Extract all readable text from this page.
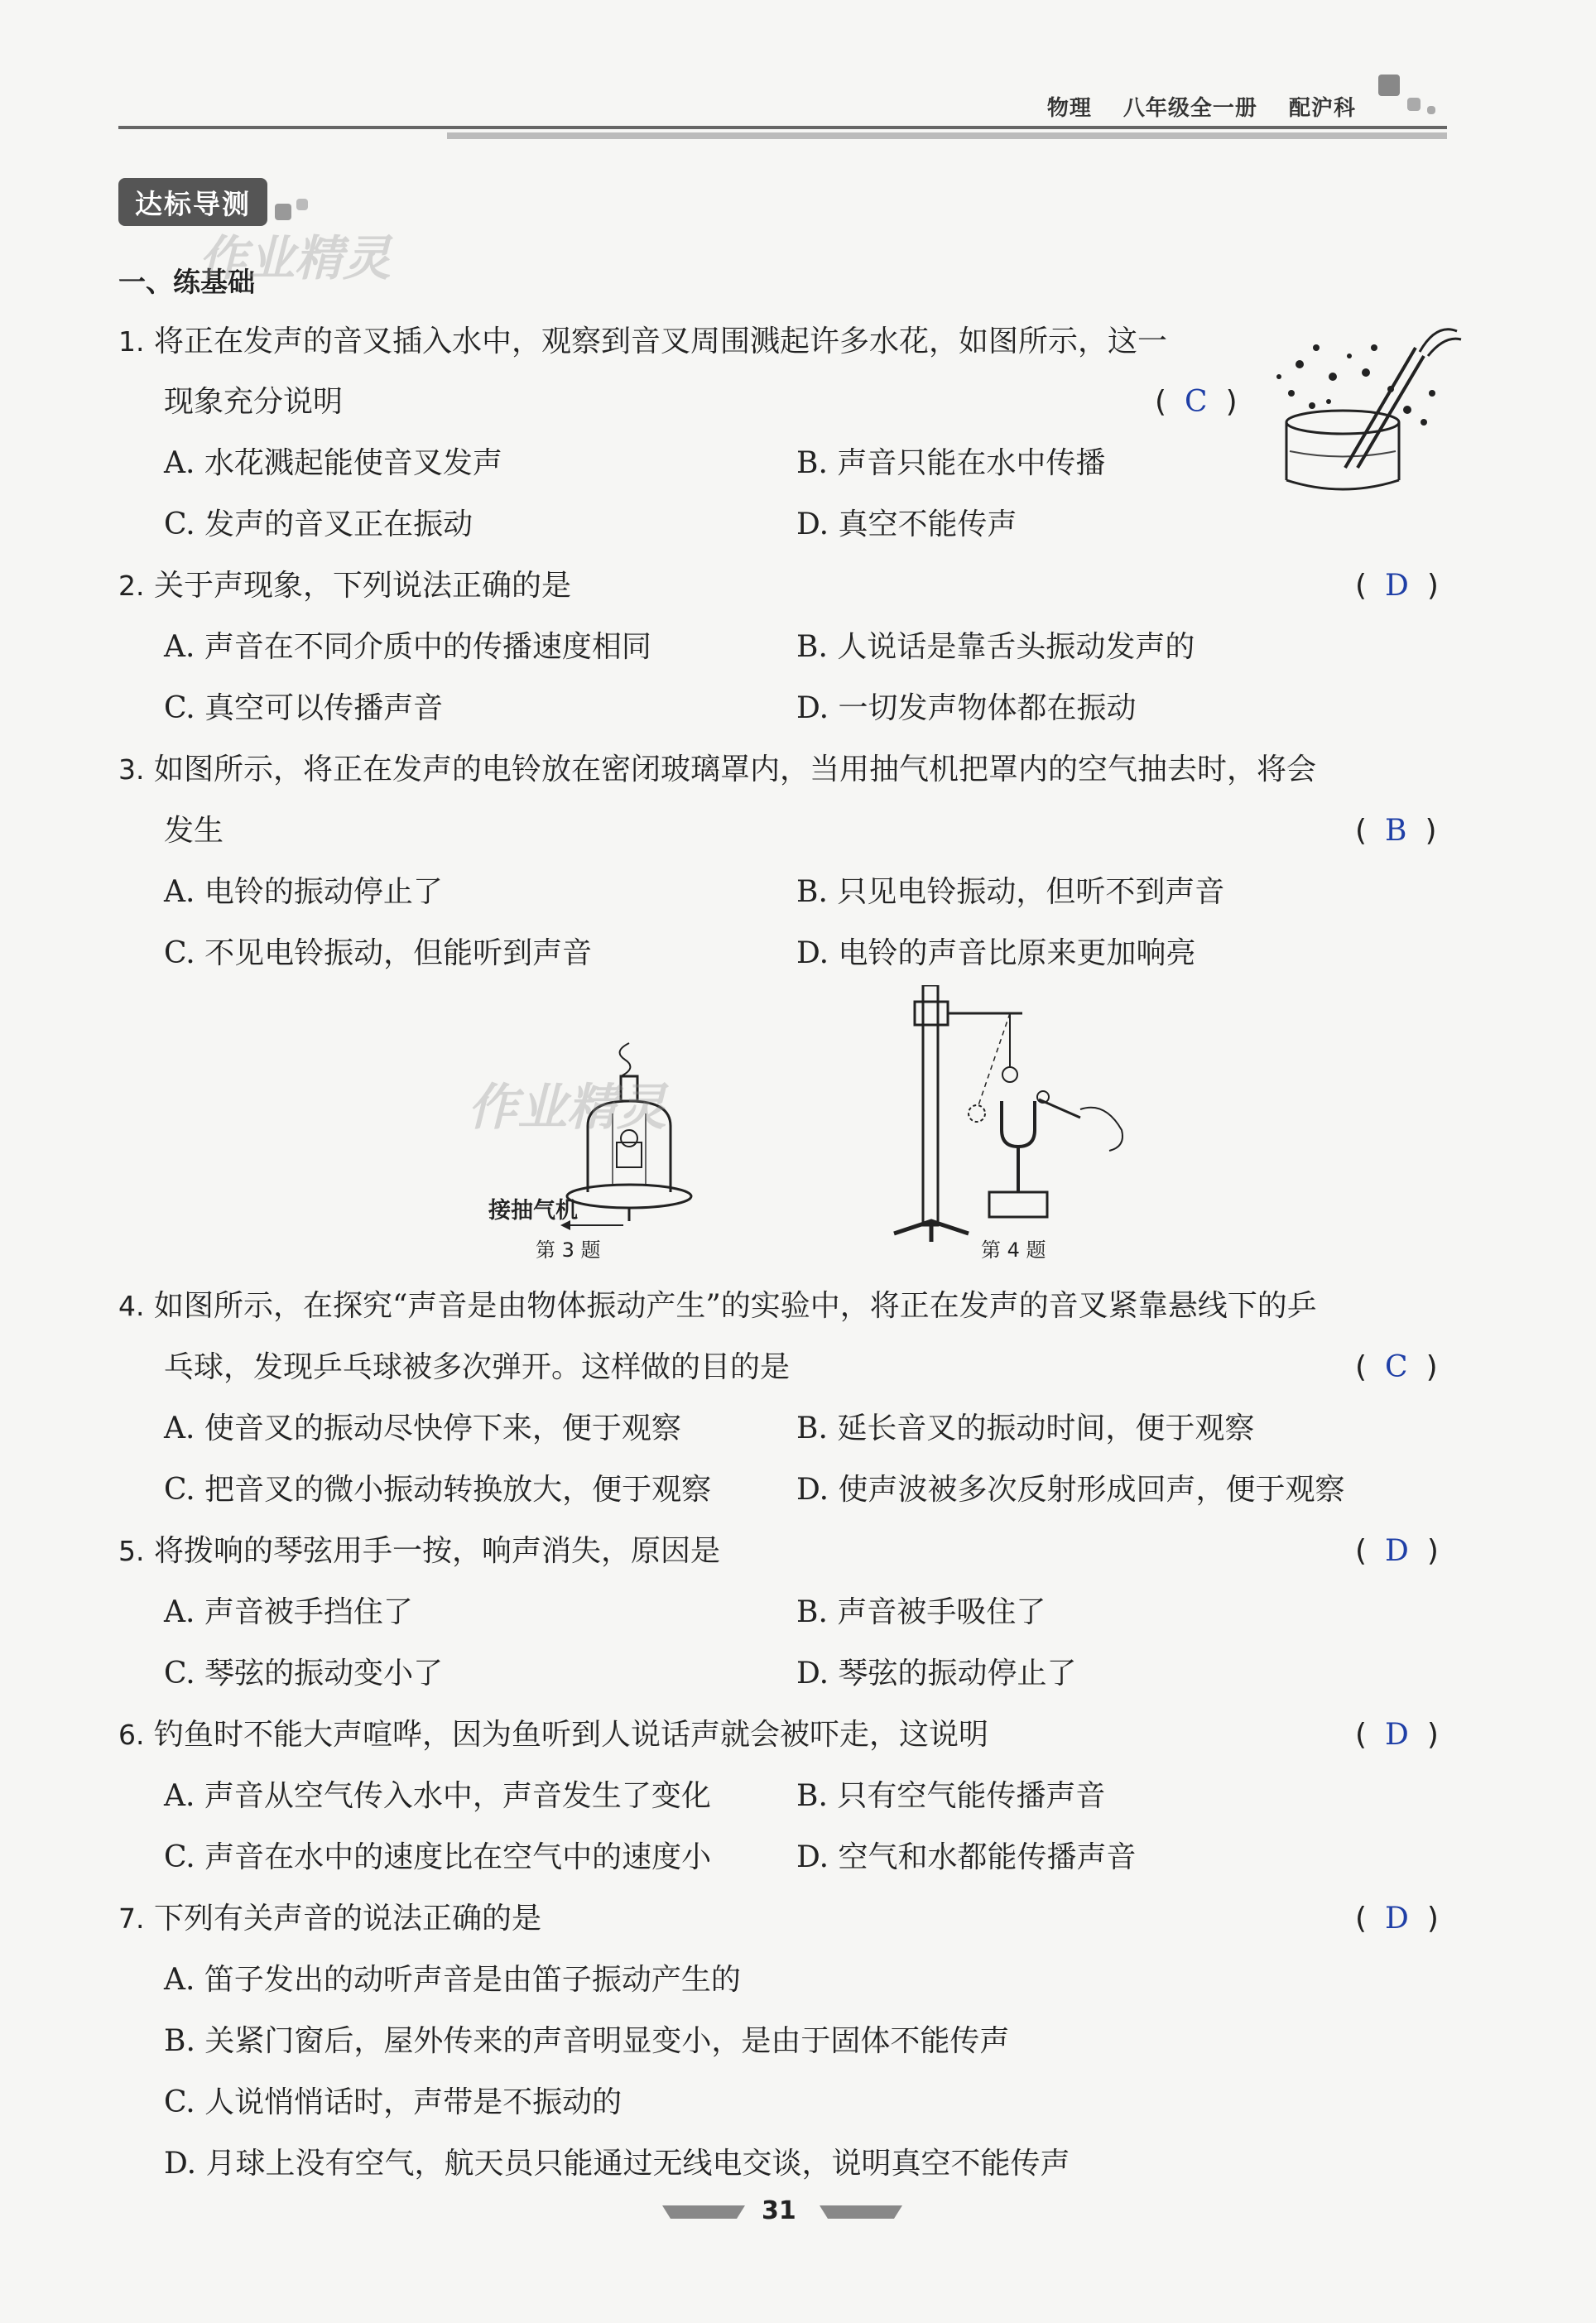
物理 八年级全一册 配沪科
达标导测
一、练基础
作业精灵
1. 将正在发声的音叉插入水中，观察到音叉周围溅起许多水花，如图所示，这一
现象充分说明	( C )
A. 水花溅起能使音叉发声	B. 声音只能在水中传播
C. 发声的音叉正在振动	D. 真空不能传声
2. 关于声现象，下列说法正确的是	( D )
A. 声音在不同介质中的传播速度相同	B. 人说话是靠舌头振动发声的
C. 真空可以传播声音	D. 一切发声物体都在振动
3. 如图所示，将正在发声的电铃放在密闭玻璃罩内，当用抽气机把罩内的空气抽去时，将会
发生	( B )
A. 电铃的振动停止了	B. 只见电铃振动，但听不到声音
C. 不见电铃振动，但能听到声音	D. 电铃的声音比原来更加响亮
作业精灵
接抽气机
第 3 题	第 4 题
4. 如图所示，在探究“声音是由物体振动产生”的实验中，将正在发声的音叉紧靠悬线下的乒
乓球，发现乒乓球被多次弹开。这样做的目的是	( C )
A. 使音叉的振动尽快停下来，便于观察	B. 延长音叉的振动时间，便于观察
C. 把音叉的微小振动转换放大，便于观察	D. 使声波被多次反射形成回声，便于观察
5. 将拨响的琴弦用手一按，响声消失，原因是	( D )
A. 声音被手挡住了	B. 声音被手吸住了
C. 琴弦的振动变小了	D. 琴弦的振动停止了
6. 钓鱼时不能大声喧哗，因为鱼听到人说话声就会被吓走，这说明	( D )
A. 声音从空气传入水中，声音发生了变化	B. 只有空气能传播声音
C. 声音在水中的速度比在空气中的速度小	D. 空气和水都能传播声音
7. 下列有关声音的说法正确的是	( D )
A. 笛子发出的动听声音是由笛子振动产生的
B. 关紧门窗后，屋外传来的声音明显变小，是由于固体不能传声
C. 人说悄悄话时，声带是不振动的
D. 月球上没有空气，航天员只能通过无线电交谈，说明真空不能传声
31
